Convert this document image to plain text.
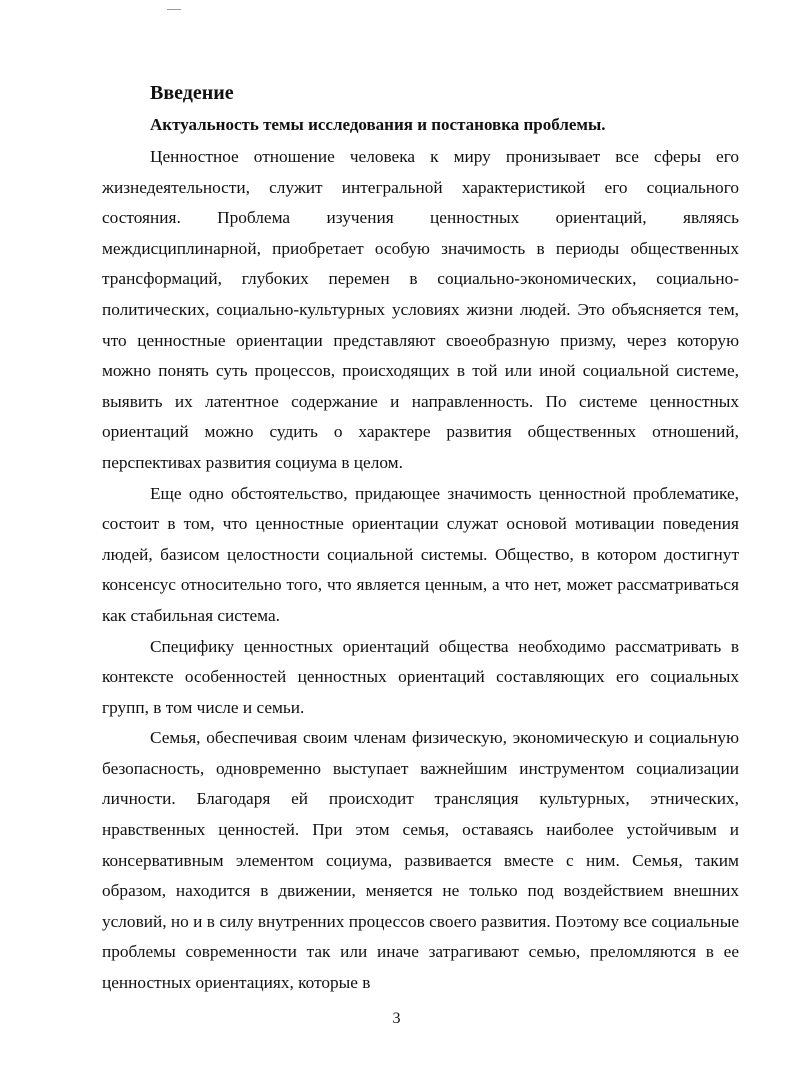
Введение
Актуальность темы исследования и постановка проблемы.

Ценностное отношение человека к миру пронизывает все сферы его жизнедеятельности, служит интегральной характеристикой его социального состояния. Проблема изучения ценностных ориентаций, являясь междисциплинарной, приобретает особую значимость в периоды общественных трансформаций, глубоких перемен в социально-экономических, социально-политических, социально-культурных условиях жизни людей. Это объясняется тем, что ценностные ориентации представляют своеобразную призму, через которую можно понять суть процессов, происходящих в той или иной социальной системе, выявить их латентное содержание и направленность. По системе ценностных ориентаций можно судить о характере развития общественных отношений, перспективах развития социума в целом.

Еще одно обстоятельство, придающее значимость ценностной проблематике, состоит в том, что ценностные ориентации служат основой мотивации поведения людей, базисом целостности социальной системы. Общество, в котором достигнут консенсус относительно того, что является ценным, а что нет, может рассматриваться как стабильная система.

Специфику ценностных ориентаций общества необходимо рассматривать в контексте особенностей ценностных ориентаций составляющих его социальных групп, в том числе и семьи.

Семья, обеспечивая своим членам физическую, экономическую и социальную безопасность, одновременно выступает важнейшим инструментом социализации личности. Благодаря ей происходит трансляция культурных, этнических, нравственных ценностей. При этом семья, оставаясь наиболее устойчивым и консервативным элементом социума, развивается вместе с ним. Семья, таким образом, находится в движении, меняется не только под воздействием внешних условий, но и в силу внутренних процессов своего развития. Поэтому все социальные проблемы современности так или иначе затрагивают семью, преломляются в ее ценностных ориентациях, которые в

3
